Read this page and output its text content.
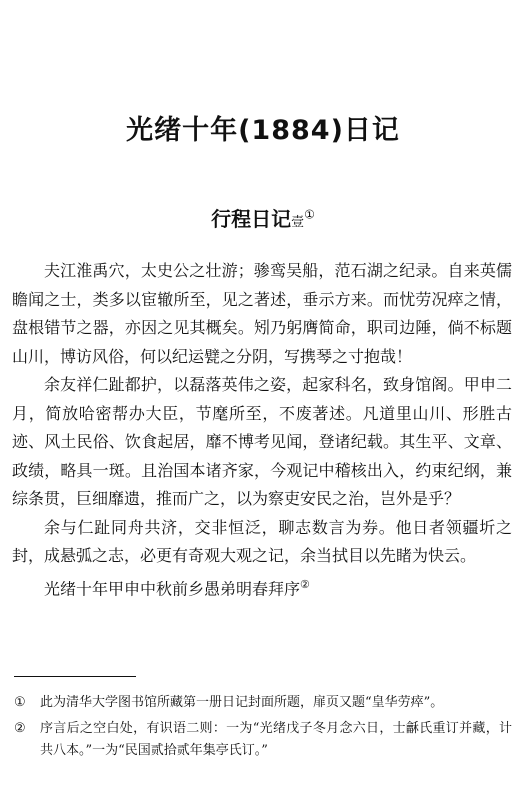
光绪十年(1884)日记
行程日记壹①

夫江淮禹穴，太史公之壮游；骖鸾吴船，范石湖之纪录。自来英儒瞻闻之士，类多以宦辙所至，见之著述，垂示方来。而忧劳况瘁之情，盘根错节之器，亦因之见其概矣。矧乃躬膺简命，职司边陲，倘不标题山川，博访风俗，何以纪运甓之分阴，写携琴之寸抱哉！

余友祥仁趾都护，以磊落英伟之姿，起家科名，致身馆阁。甲申二月，简放哈密帮办大臣，节麾所至，不废著述。凡道里山川、形胜古迹、风土民俗、饮食起居，靡不博考见闻，登诸纪载。其生平、文章、政绩，略具一斑。且治国本诸齐家，今观记中稽核出入，约束纪纲，兼综条贯，巨细靡遗，推而广之，以为察吏安民之治，岂外是乎？

余与仁趾同舟共济，交非恒泛，聊志数言为券。他日者领疆圻之封，成悬弧之志，必更有奇观大观之记，余当拭目以先睹为快云。

光绪十年甲申中秋前乡愚弟明春拜序②

①	此为清华大学图书馆所藏第一册日记封面所题，扉页又题“皇华劳瘁”。
②	序言后之空白处，有识语二则：一为“光绪戊子冬月念六日，士龢氏重订并藏，计共八本。”一为“民国贰拾贰年集亭氏订。”
